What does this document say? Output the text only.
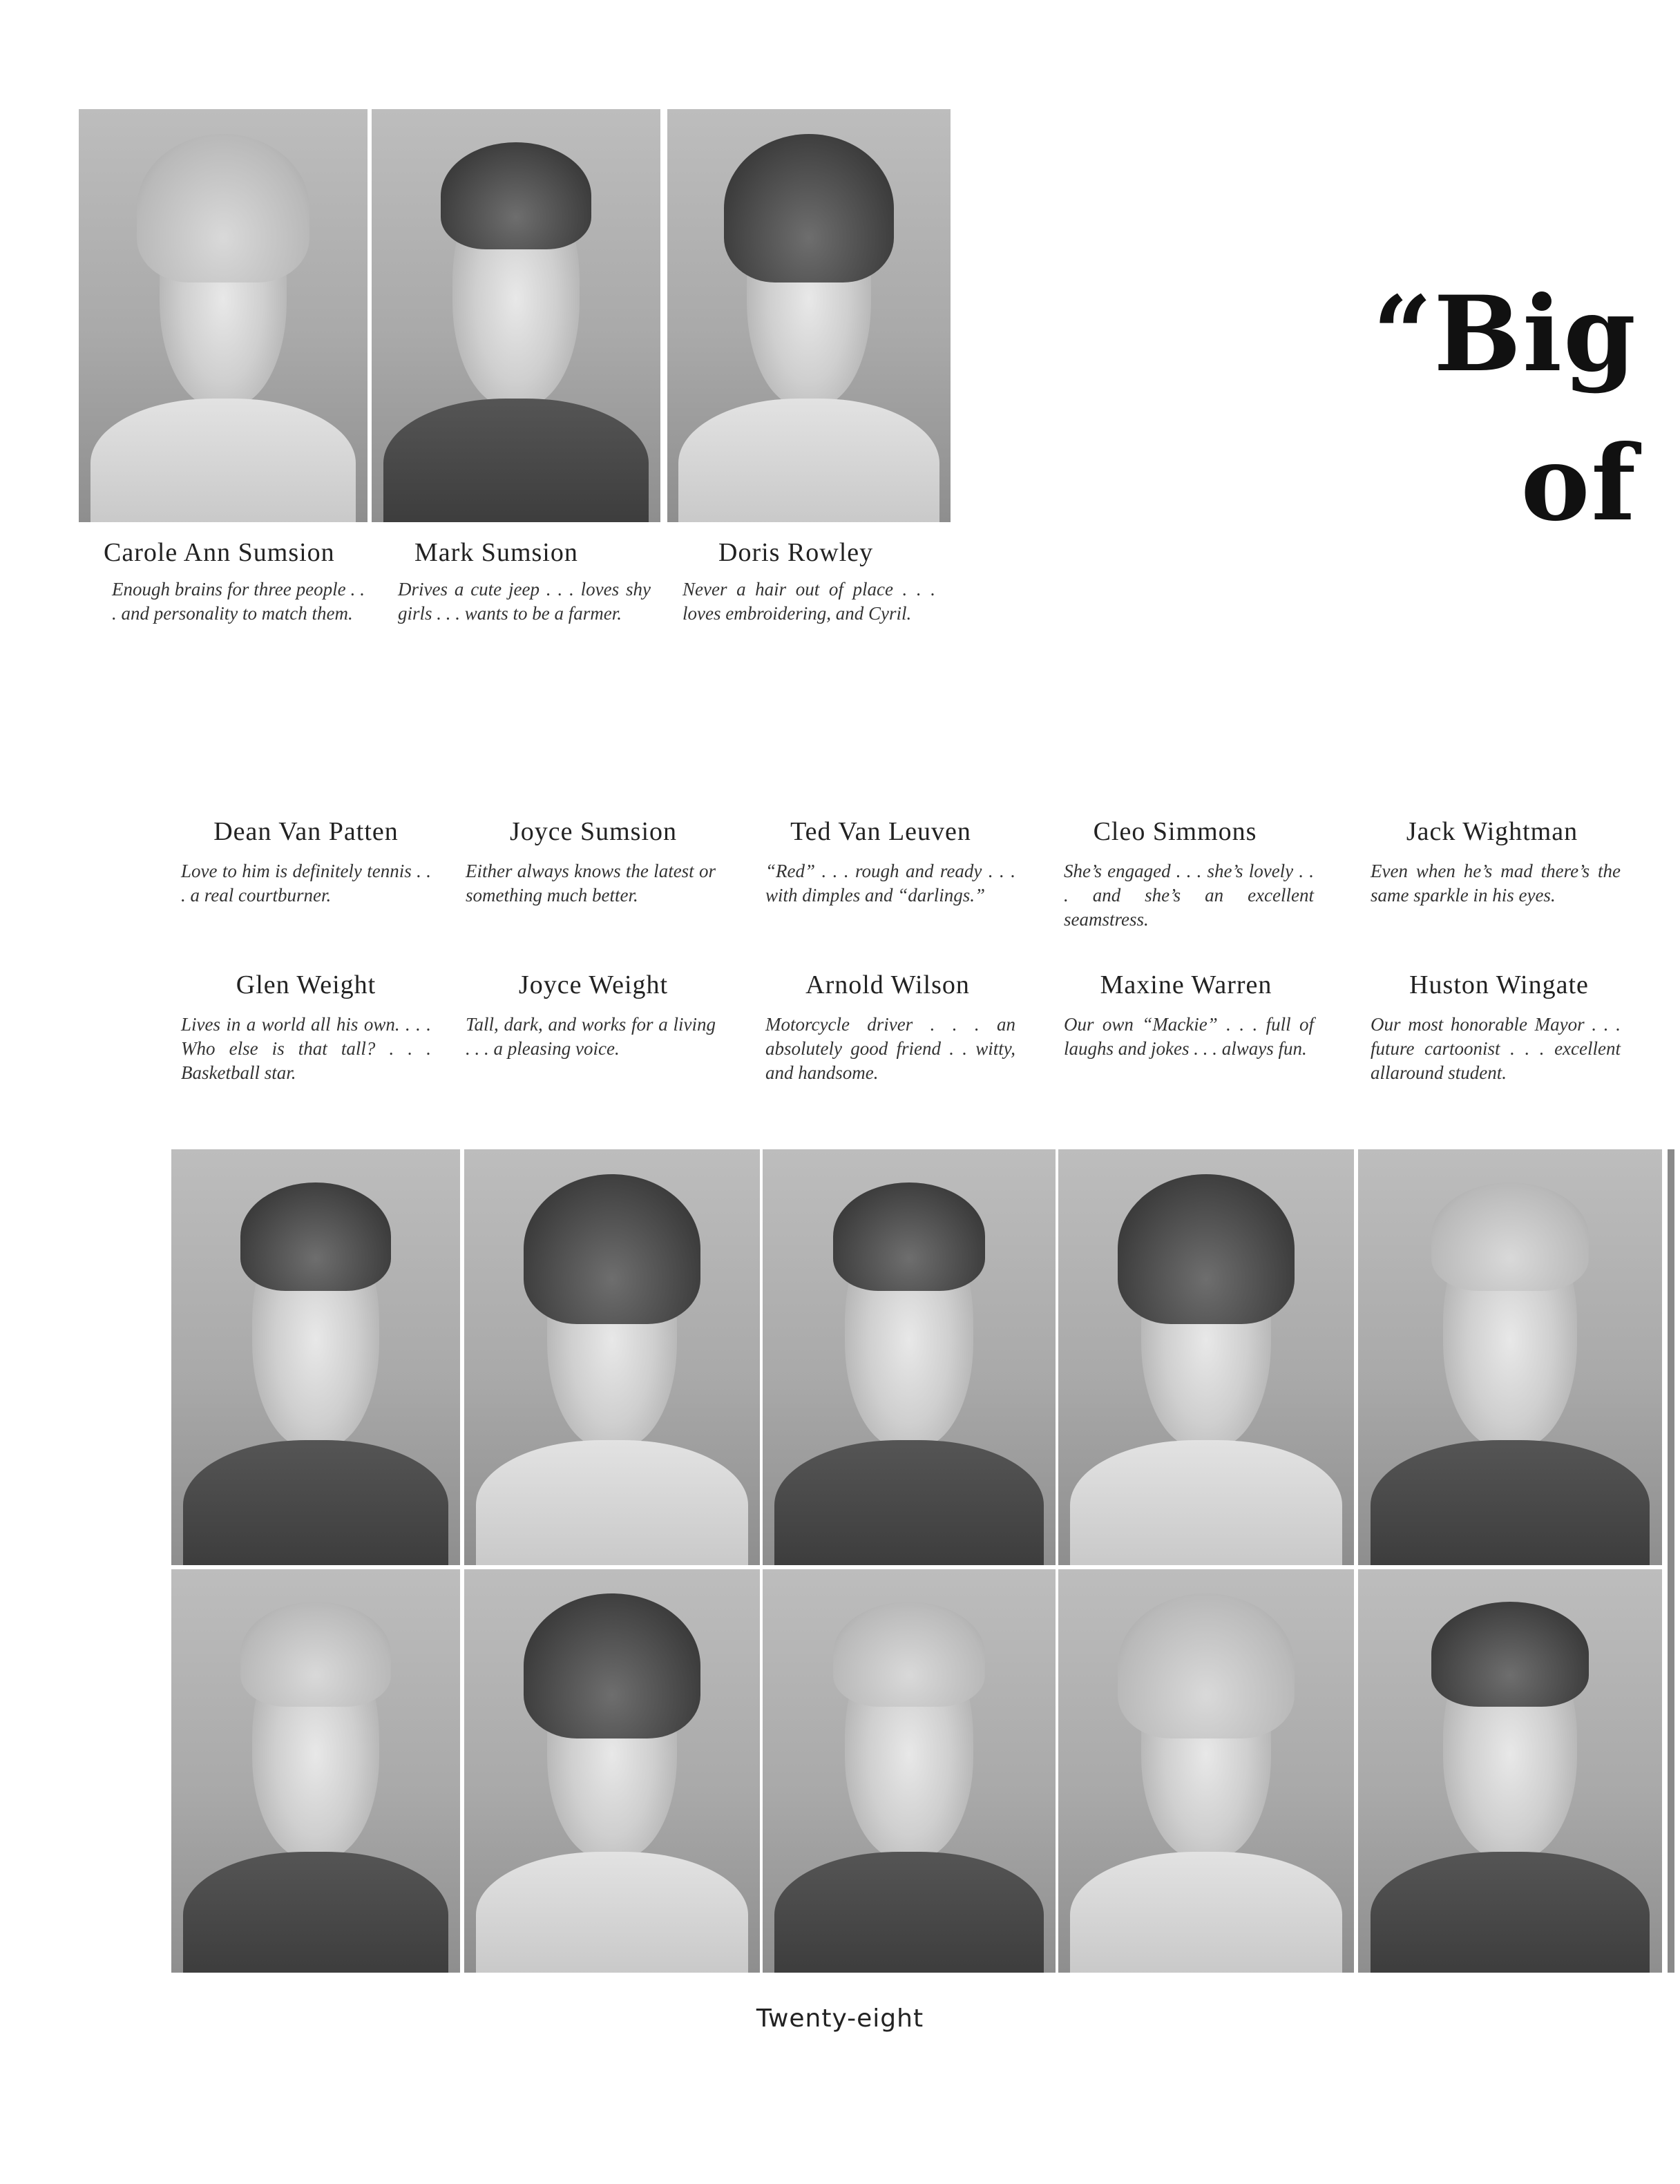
“Big
of
Carole Ann Sumsion
Enough brains for three people . . . and personality to match them.
Mark Sumsion
Drives a cute jeep . . . loves shy girls . . . wants to be a farmer.
Doris Rowley
Never a hair out of place . . . loves embroidering, and Cyril.
Dean Van Patten
Love to him is definitely tennis . . . a real courtburner.
Joyce Sumsion
Either always knows the latest or something much better.
Ted Van Leuven
“Red” . . . rough and ready . . . with dimples and “darlings.”
Cleo Simmons
She’s engaged . . . she’s lovely . . . and she’s an excellent seamstress.
Jack Wightman
Even when he’s mad there’s the same sparkle in his eyes.
Glen Weight
Lives in a world all his own. . . . Who else is that tall? . . . Basketball star.
Joyce Weight
Tall, dark, and works for a living . . . a pleasing voice.
Arnold Wilson
Motorcycle driver . . . an absolutely good friend . . witty, and handsome.
Maxine Warren
Our own “Mackie” . . . full of laughs and jokes . . . always fun.
Huston Wingate
Our most honorable Mayor . . . future cartoonist . . . excellent allaround student.
Twenty-eight
